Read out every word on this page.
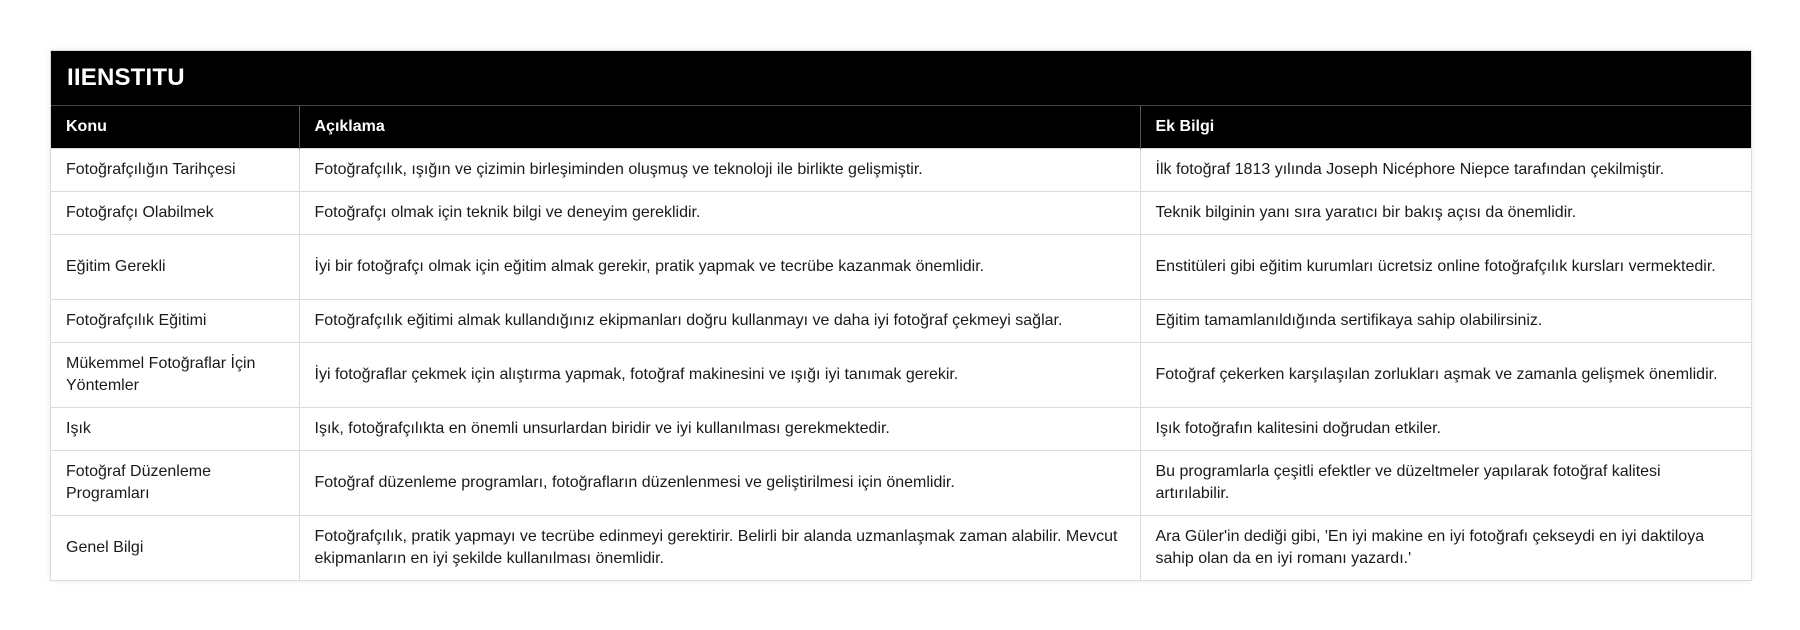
IIENSTITU
Konu	Açıklama	Ek Bilgi
Fotoğrafçılığın Tarihçesi	Fotoğrafçılık, ışığın ve çizimin birleşiminden oluşmuş ve teknoloji ile birlikte gelişmiştir.	İlk fotoğraf 1813 yılında Joseph Nicéphore Niepce tarafından çekilmiştir.
Fotoğrafçı Olabilmek	Fotoğrafçı olmak için teknik bilgi ve deneyim gereklidir.	Teknik bilginin yanı sıra yaratıcı bir bakış açısı da önemlidir.
Eğitim Gerekli	İyi bir fotoğrafçı olmak için eğitim almak gerekir, pratik yapmak ve tecrübe kazanmak önemlidir.	Enstitüleri gibi eğitim kurumları ücretsiz online fotoğrafçılık kursları vermektedir.
Fotoğrafçılık Eğitimi	Fotoğrafçılık eğitimi almak kullandığınız ekipmanları doğru kullanmayı ve daha iyi fotoğraf çekmeyi sağlar.	Eğitim tamamlanıldığında sertifikaya sahip olabilirsiniz.
Mükemmel Fotoğraflar İçin Yöntemler	İyi fotoğraflar çekmek için alıştırma yapmak, fotoğraf makinesini ve ışığı iyi tanımak gerekir.	Fotoğraf çekerken karşılaşılan zorlukları aşmak ve zamanla gelişmek önemlidir.
Işık	Işık, fotoğrafçılıkta en önemli unsurlardan biridir ve iyi kullanılması gerekmektedir.	Işık fotoğrafın kalitesini doğrudan etkiler.
Fotoğraf Düzenleme Programları	Fotoğraf düzenleme programları, fotoğrafların düzenlenmesi ve geliştirilmesi için önemlidir.	Bu programlarla çeşitli efektler ve düzeltmeler yapılarak fotoğraf kalitesi artırılabilir.
Genel Bilgi	Fotoğrafçılık, pratik yapmayı ve tecrübe edinmeyi gerektirir. Belirli bir alanda uzmanlaşmak zaman alabilir. Mevcut ekipmanların en iyi şekilde kullanılması önemlidir.	Ara Güler'in dediği gibi, 'En iyi makine en iyi fotoğrafı çekseydi en iyi daktiloya sahip olan da en iyi romanı yazardı.'
